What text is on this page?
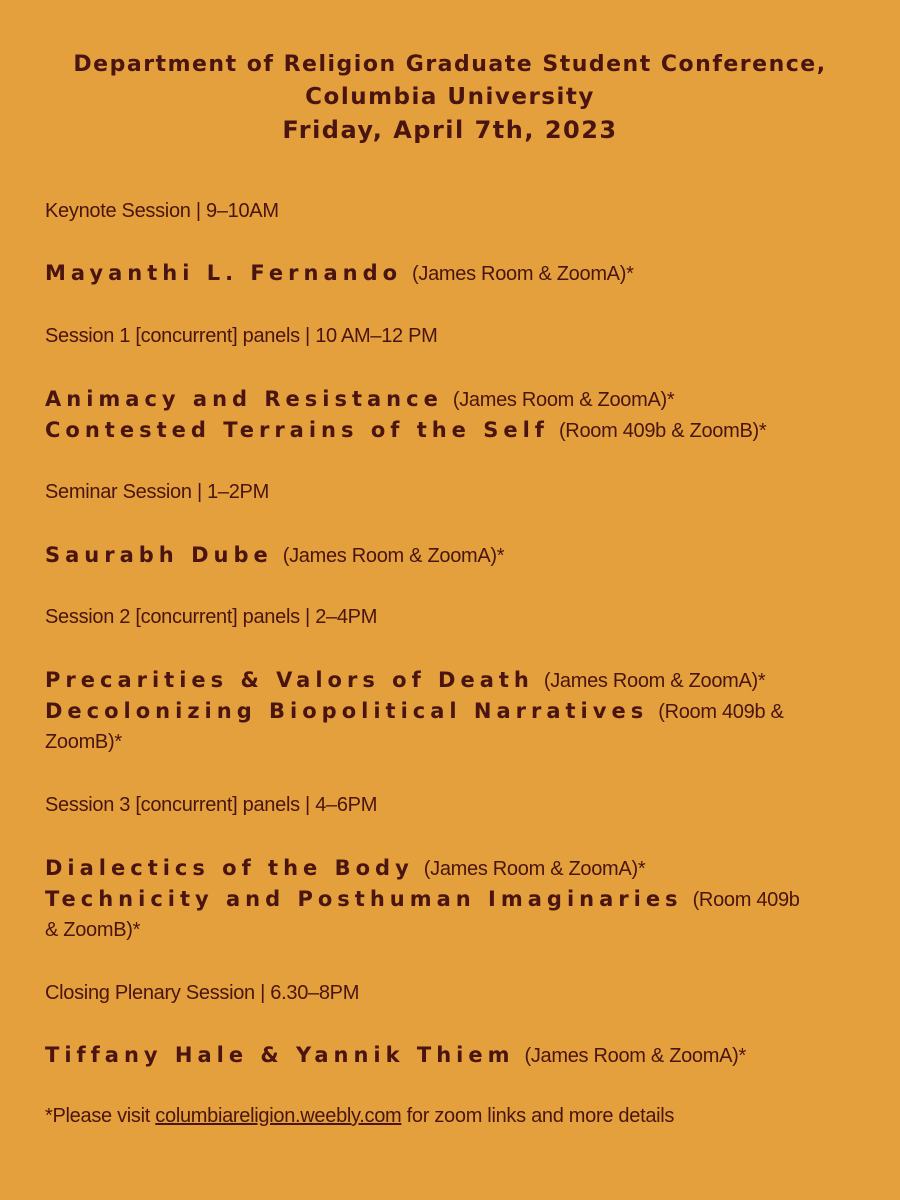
Department of Religion Graduate Student Conference,
Columbia University
Friday, April 7th, 2023
Keynote Session | 9–10AM
Mayanthi L. Fernando (James Room & ZoomA)*
Session 1 [concurrent] panels | 10 AM–12 PM
Animacy and Resistance (James Room & ZoomA)*
Contested Terrains of the Self (Room 409b & ZoomB)*
Seminar Session | 1–2PM
Saurabh Dube (James Room & ZoomA)*
Session 2 [concurrent] panels | 2–4PM
Precarities & Valors of Death (James Room & ZoomA)*
Decolonizing Biopolitical Narratives (Room 409b &
ZoomB)*
Session 3 [concurrent] panels | 4–6PM
Dialectics of the Body (James Room & ZoomA)*
Technicity and Posthuman Imaginaries (Room 409b
& ZoomB)*
Closing Plenary Session | 6.30–8PM
Tiffany Hale & Yannik Thiem (James Room & ZoomA)*
*Please visit columbiareligion.weebly.com for zoom links and more details
